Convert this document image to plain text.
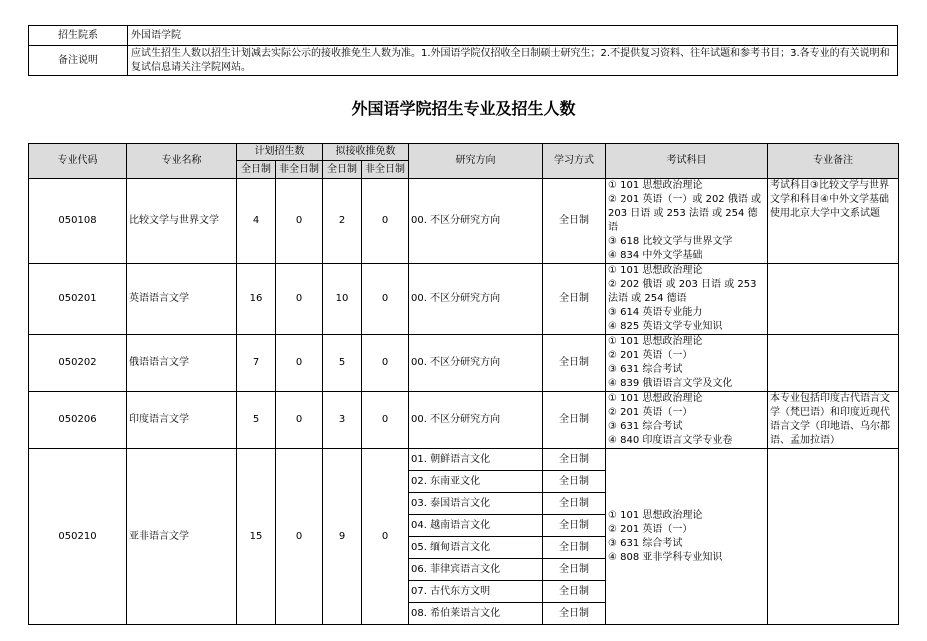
招生院系	外国语学院
备注说明	应试生招生人数以招生计划减去实际公示的接收推免生人数为准。1.外国语学院仅招收全日制硕士研究生；2.不提供复习资料、往年试题和参考书目；3.各专业的有关说明和复试信息请关注学院网站。
外国语学院招生专业及招生人数
专业代码	专业名称	计划招生数		拟接收推免数		研究方向	学习方式	考试科目	专业备注
		全日制	非全日制	全日制	非全日制				
050108	比较文学与世界文学	4	0	2	0	00. 不区分研究方向	全日制	① 101 思想政治理论
② 201 英语（一）或 202 俄语 或 203 日语 或 253 法语 或 254 德语
③ 618 比较文学与世界文学
④ 834 中外文学基础	考试科目③比较文学与世界文学和科目④中外文学基础使用北京大学中文系试题

050201	英语语言文学	16	0	10	0	00. 不区分研究方向	全日制	① 101 思想政治理论
② 202 俄语 或 203 日语 或 253 法语 或 254 德语
③ 614 英语专业能力
④ 825 英语文学专业知识	

050202	俄语语言文学	7	0	5	0	00. 不区分研究方向	全日制	① 101 思想政治理论
② 201 英语（一）
③ 631 综合考试
④ 839 俄语语言文学及文化	

050206	印度语言文学	5	0	3	0	00. 不区分研究方向	全日制	① 101 思想政治理论
② 201 英语（一）
③ 631 综合考试
④ 840 印度语言文学专业卷	本专业包括印度古代语言文学（梵巴语）和印度近现代语言文学（印地语、乌尔都语、孟加拉语）

050210	亚非语言文学	15	0	9	0	01. 朝鲜语言文化	全日制	① 101 思想政治理论
② 201 英语（一）
③ 631 综合考试
④ 808 亚非学科专业知识	

						02. 东南亚文化	全日制		
						03. 泰国语言文化	全日制		
						04. 越南语言文化	全日制		
						05. 缅甸语言文化	全日制		
						06. 菲律宾语言文化	全日制		
						07. 古代东方文明	全日制		
						08. 希伯莱语言文化	全日制		
